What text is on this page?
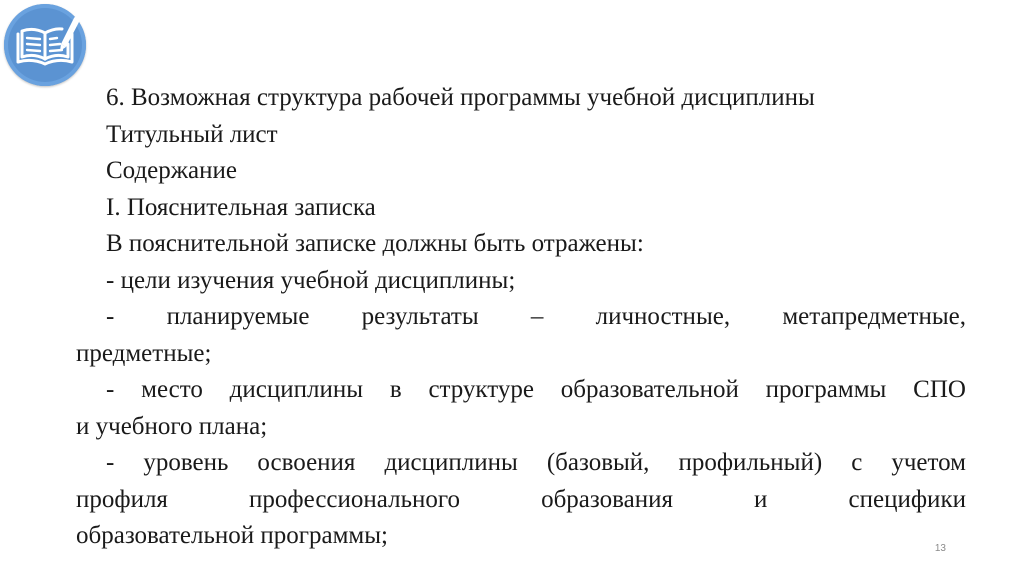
6. Возможная структура рабочей программы учебной дисциплины
Титульный лист
Содержание
I. Пояснительная записка
В пояснительной записке должны быть отражены:
- цели изучения учебной дисциплины;
- планируемые результаты – личностные, метапредметные,
предметные;
- место дисциплины в структуре образовательной программы СПО
и учебного плана;
- уровень освоения дисциплины (базовый, профильный) с учетом
профиля	профессионального	образования	и	специфики
образовательной программы;	13
